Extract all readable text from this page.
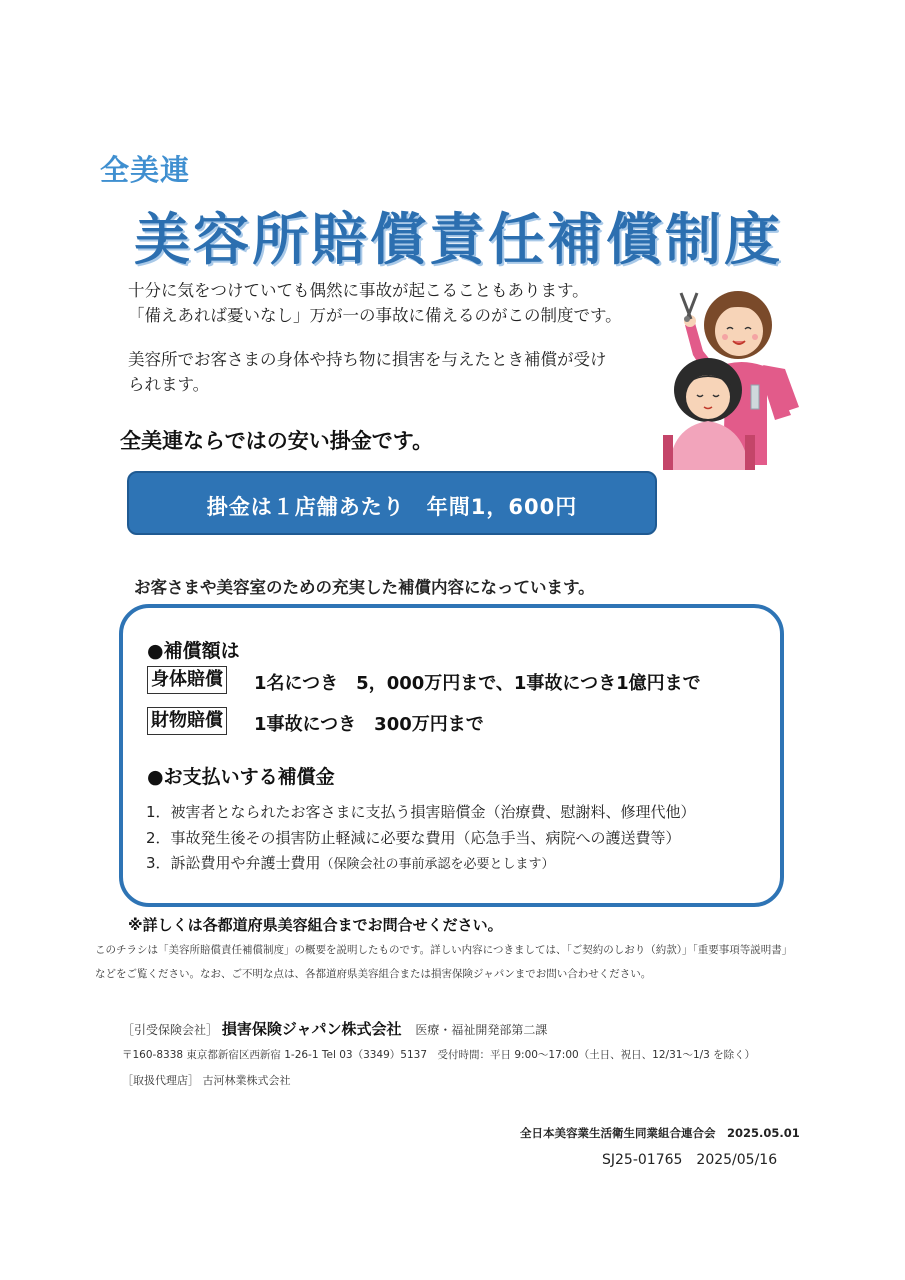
全美連
美容所賠償責任補償制度
十分に気をつけていても偶然に事故が起こることもあります。
「備えあれば憂いなし」万が一の事故に備えるのがこの制度です。
美容所でお客さまの身体や持ち物に損害を与えたとき補償が受け
られます。
全美連ならではの安い掛金です。
掛金は１店舗あたり　年間1，600円
お客さまや美容室のための充実した補償内容になっています。
●補償額は
身体賠償 1名につき　5，000万円まで、1事故につき1億円まで
財物賠償 1事故につき　300万円まで
●お支払いする補償金
1．被害者となられたお客さまに支払う損害賠償金（治療費、慰謝料、修理代他）
2．事故発生後その損害防止軽減に必要な費用（応急手当、病院への護送費等）
3．訴訟費用や弁護士費用（保険会社の事前承認を必要とします）
※詳しくは各都道府県美容組合までお問合せください。
このチラシは「美容所賠償責任補償制度」の概要を説明したものです。詳しい内容につきましては、「ご契約のしおり（約款）」「重要事項等説明書」
などをご覧ください。なお、ご不明な点は、各都道府県美容組合または損害保険ジャパンまでお問い合わせください。
［引受保険会社］ 損害保険ジャパン株式会社 医療・福祉開発部第二課
〒160-8338 東京都新宿区西新宿 1-26-1 Tel 03（3349）5137　受付時間：平日 9:00〜17:00（土日、祝日、12/31〜1/3 を除く）
［取扱代理店］ 古河林業株式会社
全日本美容業生活衛生同業組合連合会　2025.05.01
SJ25-01765　2025/05/16
